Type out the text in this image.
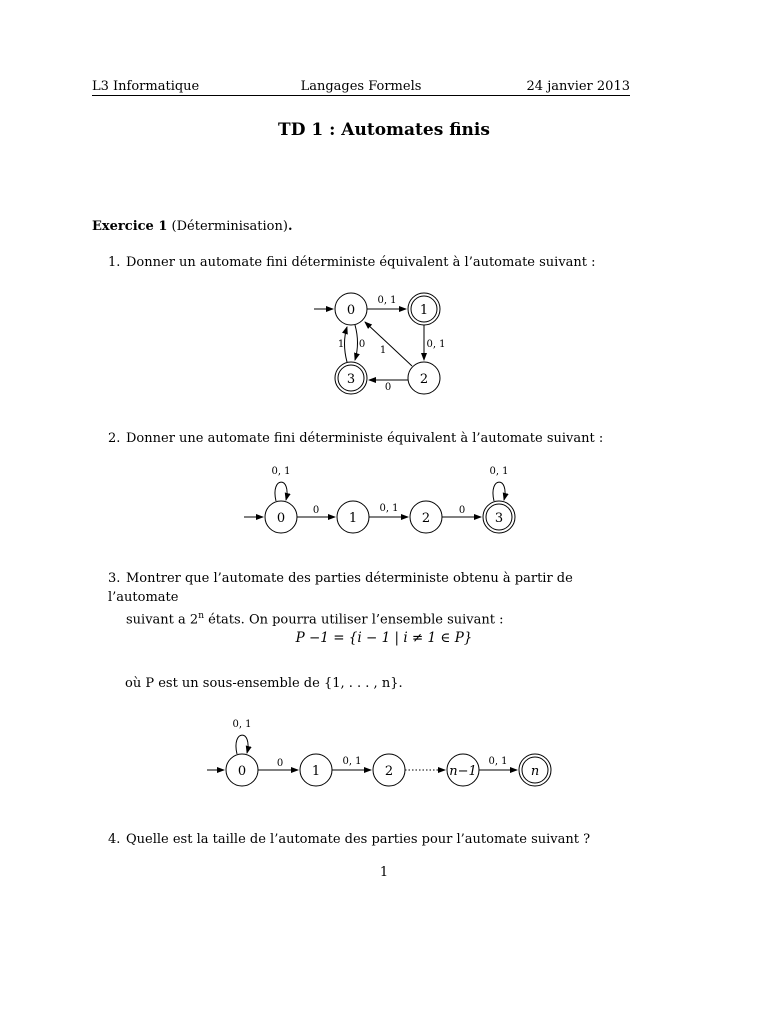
L3 Informatique	Langages Formels	24 janvier 2013
TD 1 : Automates finis
Exercice 1 (Déterminisation).
1. Donner un automate fini déterministe équivalent à l’automate suivant :
0	1
2
3
0, 1
0, 1
1
0
0
1
2. Donner une automate fini déterministe équivalent à l’automate suivant :
0	1	2	3
0, 1
0	0, 1	0
0, 1
3. Montrer que l’automate des parties déterministe obtenu à partir de l’automate
suivant a 2$^n$ états. On pourra utiliser l’ensemble suivant :
P −1 = {i − 1 | i ≠ 1 ∈ P}
où P est un sous-ensemble de {1, . . . , n}.
0	1	2	n−1	n
0, 1
0	0, 1	0, 1
4. Quelle est la taille de l’automate des parties pour l’automate suivant ?
1
